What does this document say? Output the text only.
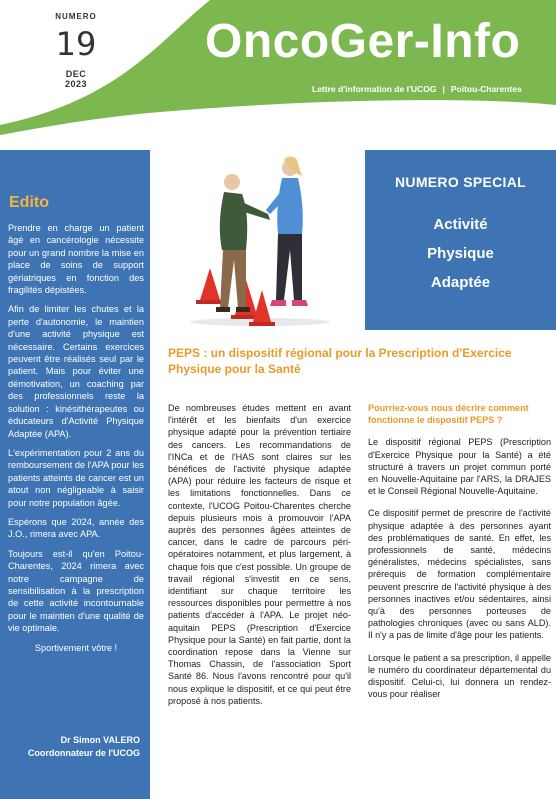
NUMERO
19
DEC
2023
OncoGer-Info
Lettre d'information de l'UCOG | Poitou-Charentes
Edito

Prendre en charge un patient âgé en cancérologie nécessite pour un grand nombre la mise en place de soins de support gériatriques en fonction des fragilités dépistées.

Afin de limiter les chutes et la perte d'autonomie, le maintien d'une activité physique est nécessaire. Certains exercices peuvent être réalisés seul par le patient. Mais pour éviter une démotivation, un coaching par des professionnels reste la solution : kinésithérapeutes ou éducateurs d'Activité Physique Adaptée (APA).

L'expérimentation pour 2 ans du remboursement de l'APA pour les patients atteints de cancer est un atout non négligeable à saisir pour notre population âgée.

Espérons que 2024, année des J.O., rimera avec APA.

Toujours est-il qu'en Poitou-Charentes, 2024 rimera avec notre campagne de sensibilisation à la prescription de cette activité incontournable pour le maintien d'une qualité de vie optimale.

Sportivement vôtre !

Dr Simon VALERO
Coordonnateur de l'UCOG
NUMERO SPECIAL
Activité
Physique
Adaptée
PEPS : un dispositif régional pour la Prescription d'Exercice Physique pour la Santé

De nombreuses études mettent en avant l'intérêt et les bienfaits d'un exercice physique adapté pour la prévention tertiaire des cancers. Les recommandations de l'INCa et de l'HAS sont claires sur les bénéfices de l'activité physique adaptée (APA) pour réduire les facteurs de risque et les limitations fonctionnelles. Dans ce contexte, l'UCOG Poitou-Charentes cherche depuis plusieurs mois à promouvoir l'APA auprès des personnes âgées atteintes de cancer, dans le cadre de parcours péri-opératoires notamment, et plus largement, à chaque fois que c'est possible. Un groupe de travail régional s'investit en ce sens, identifiant sur chaque territoire les ressources disponibles pour permettre à nos patients d'accéder à l'APA. Le projet néo-aquitain PEPS (Prescription d'Exercice Physique pour la Santé) en fait partie, dont la coordination repose dans la Vienne sur Thomas Chassin, de l'association Sport Santé 86. Nous l'avons rencontré pour qu'il nous explique le dispositif, et ce qui peut être proposé à nos patients.

Pourriez-vous nous décrire comment fonctionne le dispositif PEPS ?

Le dispositif régional PEPS (Prescription d'Exercice Physique pour la Santé) a été structuré à travers un projet commun porté en Nouvelle-Aquitaine par l'ARS, la DRAJES et le Conseil Régional Nouvelle-Aquitaine.

Ce dispositif permet de prescrire de l'activité physique adaptée à des personnes ayant des problématiques de santé. En effet, les professionnels de santé, médecins généralistes, médecins spécialistes, sans prérequis de formation complémentaire peuvent prescrire de l'activité physique à des personnes inactives et/ou sédentaires, ainsi qu'à des personnes porteuses de pathologies chroniques (avec ou sans ALD). Il n'y a pas de limite d'âge pour les patients.

Lorsque le patient a sa prescription, il appelle le numéro du coordinateur départemental du dispositif. Celui-ci, lui donnera un rendez-vous pour réaliser
